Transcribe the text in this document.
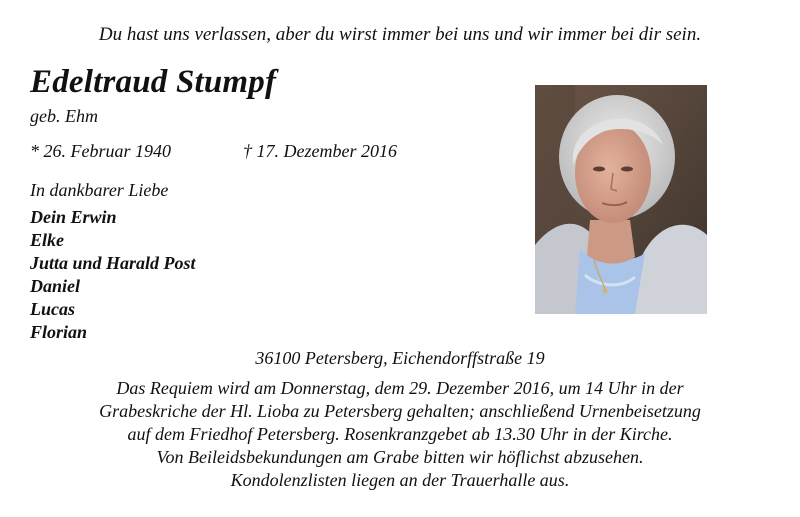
Du hast uns verlassen, aber du wirst immer bei uns und wir immer bei dir sein.
Edeltraud Stumpf
geb. Ehm
* 26. Februar 1940	† 17. Dezember 2016
In dankbarer Liebe
Dein Erwin
Elke
Jutta und Harald Post
Daniel
Lucas
Florian
36100 Petersberg, Eichendorffstraße 19
Das Requiem wird am Donnerstag, dem 29. Dezember 2016, um 14 Uhr in der
Grabeskriche der Hl. Lioba zu Petersberg gehalten; anschließend Urnenbeisetzung
auf dem Friedhof Petersberg. Rosenkranzgebet ab 13.30 Uhr in der Kirche.
Von Beileidsbekundungen am Grabe bitten wir höflichst abzusehen.
Kondolenzlisten liegen an der Trauerhalle aus.
